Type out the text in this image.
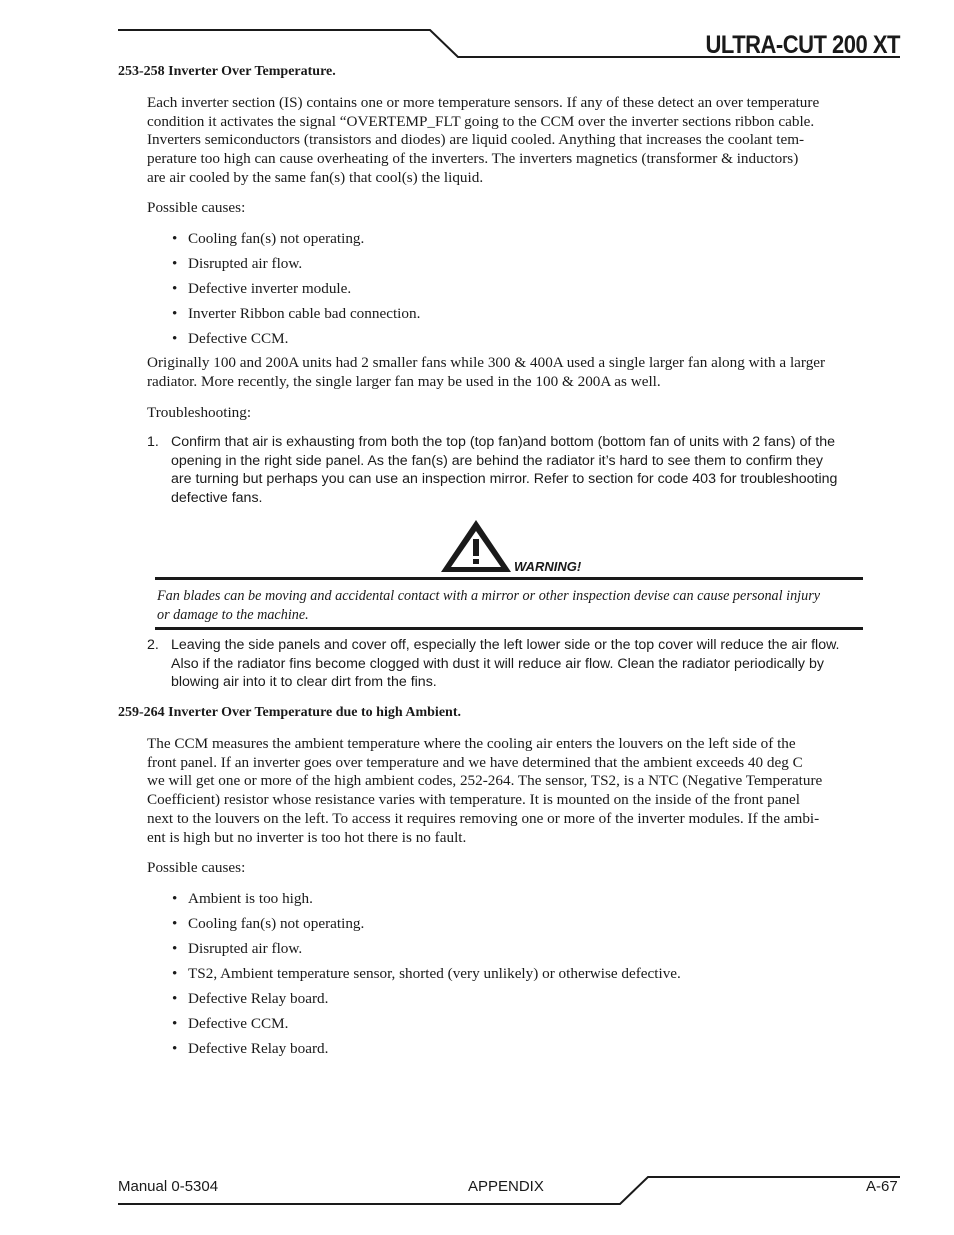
ULTRA-CUT 200 XT
253-258 Inverter Over Temperature.
Each inverter section (IS) contains one or more temperature sensors. If any of these detect an over temperature
condition it activates the signal “OVERTEMP_FLT going to the CCM over the inverter sections ribbon cable.
Inverters semiconductors (transistors and diodes) are liquid cooled. Anything that increases the coolant tem-
perature too high can cause overheating of the inverters. The inverters magnetics (transformer & inductors)
are air cooled by the same fan(s) that cool(s) the liquid.
Possible causes:
• Cooling fan(s) not operating.
• Disrupted air flow.
• Defective inverter module.
• Inverter Ribbon cable bad connection.
• Defective CCM.
Originally 100 and 200A units had 2 smaller fans while 300 & 400A used a single larger fan along with a larger
radiator. More recently, the single larger fan may be used in the 100 & 200A as well.
Troubleshooting:
1. Confirm that air is exhausting from both the top (top fan)and bottom (bottom fan of units with 2 fans) of the
opening in the right side panel. As the fan(s) are behind the radiator it’s hard to see them to confirm they
are turning but perhaps you can use an inspection mirror. Refer to section for code 403 for troubleshooting
defective fans.
WARNING!
Fan blades can be moving and accidental contact with a mirror or other inspection devise can cause personal injury
or damage to the machine.
2. Leaving the side panels and cover off, especially the left lower side or the top cover will reduce the air flow.
Also if the radiator fins become clogged with dust it will reduce air flow. Clean the radiator periodically by
blowing air into it to clear dirt from the fins.
259-264 Inverter Over Temperature due to high Ambient.
The CCM measures the ambient temperature where the cooling air enters the louvers on the left side of the
front panel. If an inverter goes over temperature and we have determined that the ambient exceeds 40 deg C
we will get one or more of the high ambient codes, 252-264. The sensor, TS2, is a NTC (Negative Temperature
Coefficient) resistor whose resistance varies with temperature. It is mounted on the inside of the front panel
next to the louvers on the left. To access it requires removing one or more of the inverter modules. If the ambi-
ent is high but no inverter is too hot there is no fault.
Possible causes:
• Ambient is too high.
• Cooling fan(s) not operating.
• Disrupted air flow.
• TS2, Ambient temperature sensor, shorted (very unlikely) or otherwise defective.
• Defective Relay board.
• Defective CCM.
• Defective Relay board.
Manual 0-5304	APPENDIX	A-67
